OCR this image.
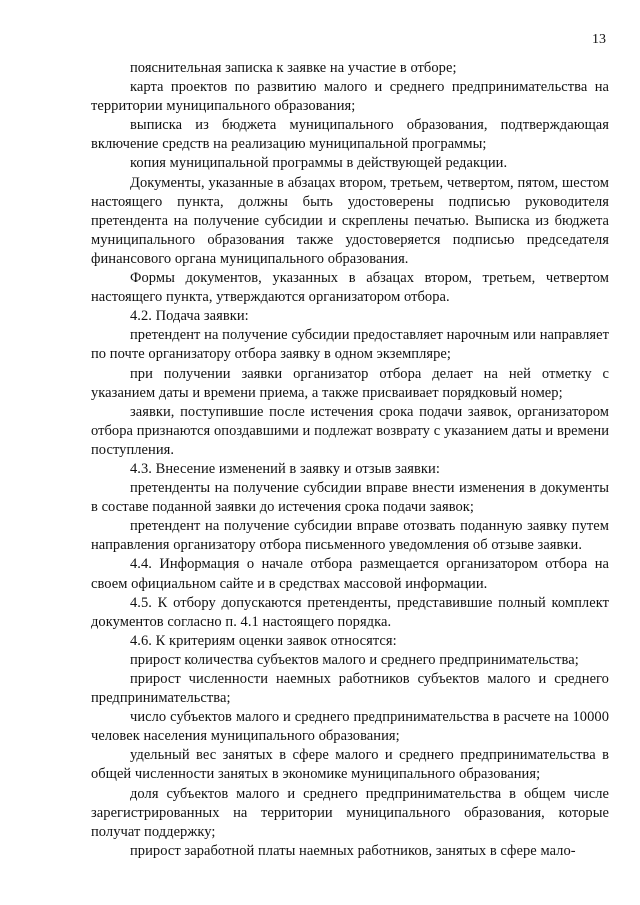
13

пояснительная записка к заявке на участие в отборе;

карта проектов по развитию малого и среднего предпринимательства на территории муниципального образования;

выписка из бюджета муниципального образования, подтверждающая включение средств на реализацию муниципальной программы;

копия муниципальной программы в действующей редакции.

Документы, указанные в абзацах втором, третьем, четвертом, пятом, шестом настоящего пункта, должны быть удостоверены подписью руководителя претендента на получение субсидии и скреплены печатью. Выписка из бюджета муниципального образования также удостоверяется подписью председателя финансового органа муниципального образования.

Формы документов, указанных в абзацах втором, третьем, четвертом настоящего пункта, утверждаются организатором отбора.

4.2. Подача заявки:

претендент на получение субсидии предоставляет нарочным или направляет по почте организатору отбора заявку в одном экземпляре;

при получении заявки организатор отбора делает на ней отметку с указанием даты и времени приема, а также присваивает порядковый номер;

заявки, поступившие после истечения срока подачи заявок, организатором отбора признаются опоздавшими и подлежат возврату с указанием даты и времени поступления.

4.3. Внесение изменений в заявку и отзыв заявки:

претенденты на получение субсидии вправе внести изменения в документы в составе поданной заявки до истечения срока подачи заявок;

претендент на получение субсидии вправе отозвать поданную заявку путем направления организатору отбора письменного уведомления об отзыве заявки.

4.4. Информация о начале отбора размещается организатором отбора на своем официальном сайте и в средствах массовой информации.

4.5. К отбору допускаются претенденты, представившие полный комплект документов согласно п. 4.1 настоящего порядка.

4.6. К критериям оценки заявок относятся:

прирост количества субъектов малого и среднего предпринимательства;

прирост численности наемных работников субъектов малого и среднего предпринимательства;

число субъектов малого и среднего предпринимательства в расчете на 10000 человек населения муниципального образования;

удельный вес занятых в сфере малого и среднего предпринимательства в общей численности занятых в экономике муниципального образования;

доля субъектов малого и среднего предпринимательства в общем числе зарегистрированных на территории муниципального образования, которые получат поддержку;

прирост заработной платы наемных работников, занятых в сфере мало-
